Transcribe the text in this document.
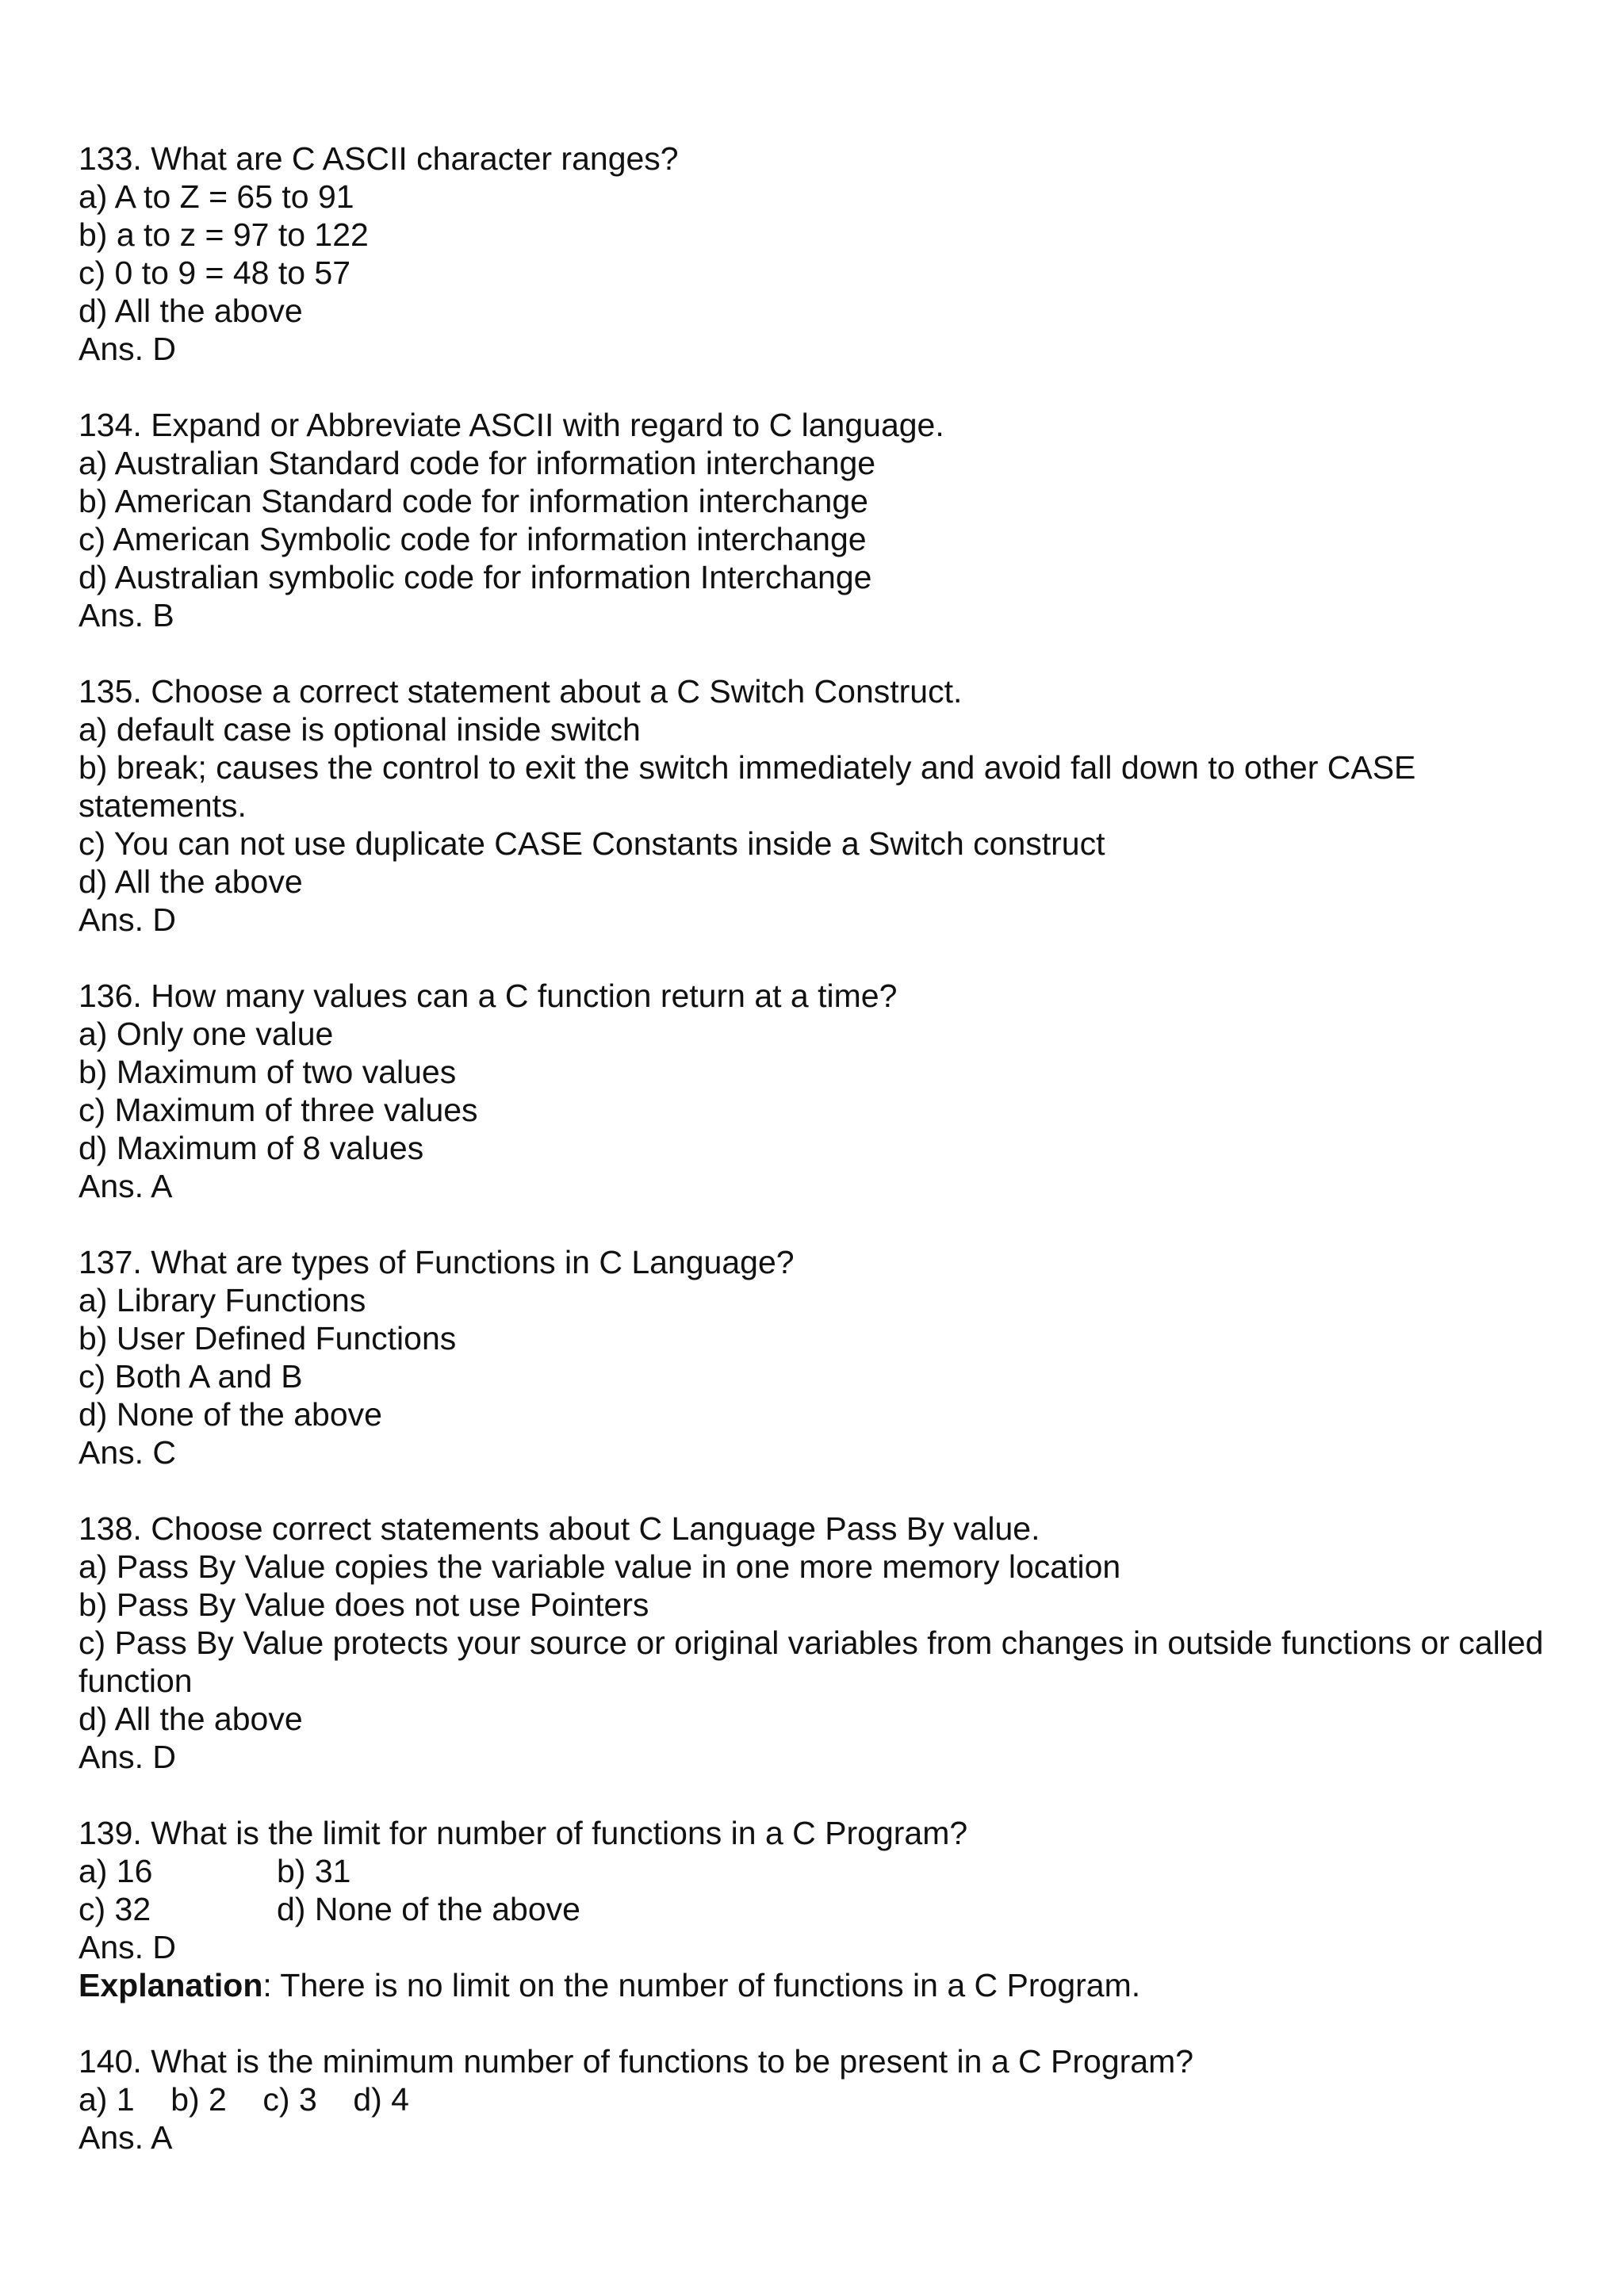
133. What are C ASCII character ranges?
a) A to Z = 65 to 91
b) a to z = 97 to 122
c) 0 to 9 = 48 to 57
d) All the above
Ans. D
134. Expand or Abbreviate ASCII with regard to C language.
a) Australian Standard code for information interchange
b) American Standard code for information interchange
c) American Symbolic code for information interchange
d) Australian symbolic code for information Interchange
Ans. B
135. Choose a correct statement about a C Switch Construct.
a) default case is optional inside switch
b) break; causes the control to exit the switch immediately and avoid fall down to other CASE statements.
c) You can not use duplicate CASE Constants inside a Switch construct
d) All the above
Ans. D
136. How many values can a C function return at a time?
a) Only one value
b) Maximum of two values
c) Maximum of three values
d) Maximum of 8 values
Ans. A
137. What are types of Functions in C Language?
a) Library Functions
b) User Defined Functions
c) Both A and B
d) None of the above
Ans. C
138. Choose correct statements about C Language Pass By value.
a) Pass By Value copies the variable value in one more memory location
b) Pass By Value does not use Pointers
c) Pass By Value protects your source or original variables from changes in outside functions or called function
d) All the above
Ans. D
139. What is the limit for number of functions in a C Program?
a) 16	b) 31
c) 32	d) None of the above
Ans. D
Explanation: There is no limit on the number of functions in a C Program.
140. What is the minimum number of functions to be present in a C Program?
a) 1    b) 2    c) 3    d) 4
Ans. A
